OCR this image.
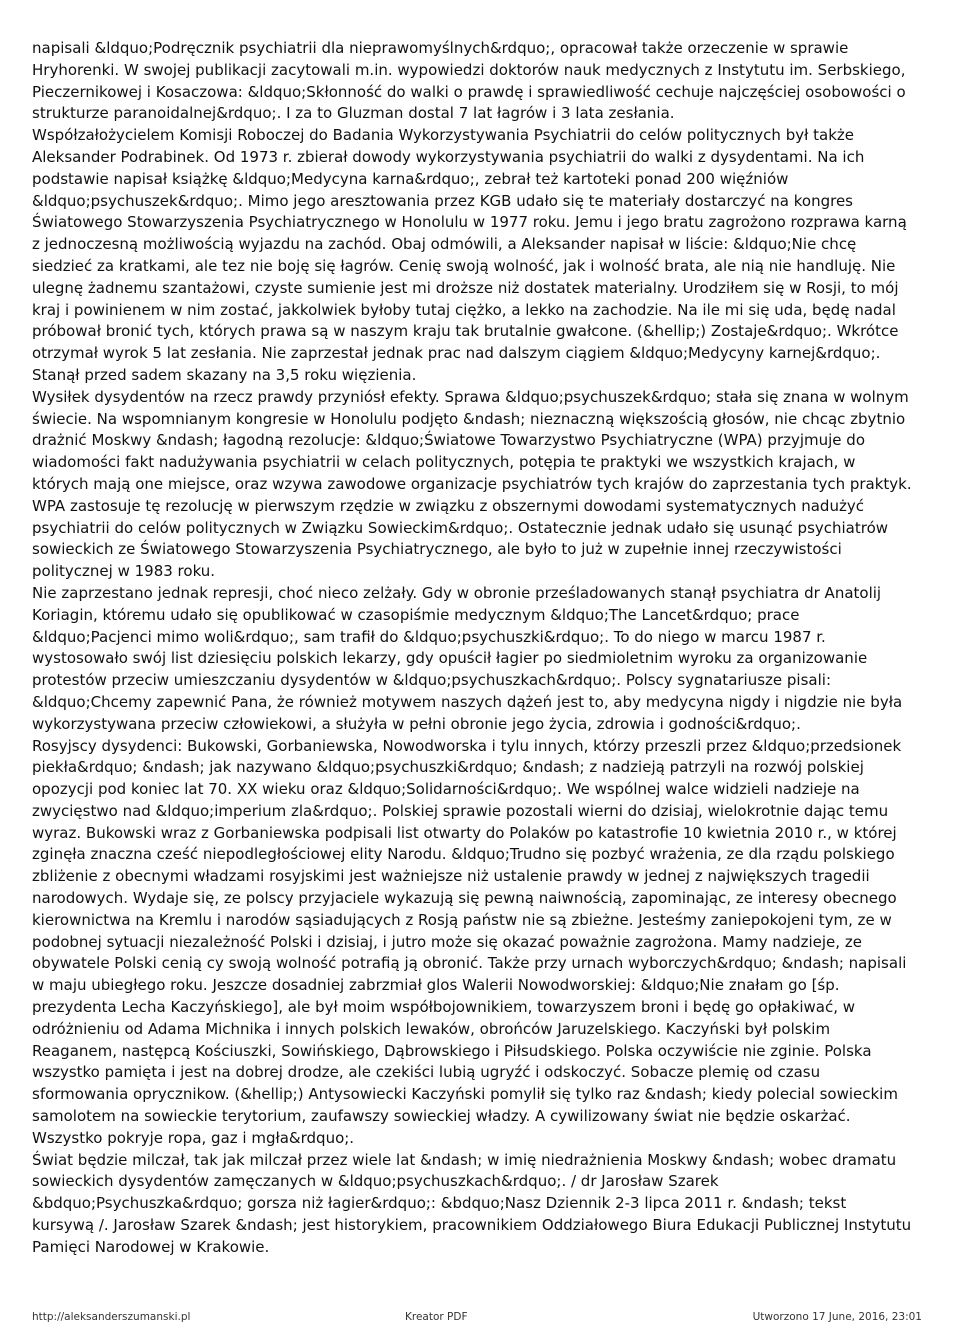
napisali &ldquo;Podręcznik psychiatrii dla nieprawomyślnych&rdquo;, opracował także orzeczenie w sprawie Hryhorenki. W swojej publikacji zacytowali m.in. wypowiedzi doktorów nauk medycznych z Instytutu im. Serbskiego, Pieczernikowej i Kosaczowa: &ldquo;Skłonność do walki o prawdę i sprawiedliwość cechuje najczęściej osobowości o strukturze paranoidalnej&rdquo;. I za to Gluzman dostal 7 lat łagrów i 3 lata zesłania.

Współzałożycielem Komisji Roboczej do Badania Wykorzystywania Psychiatrii do celów politycznych był także Aleksander Podrabinek. Od 1973 r. zbierał dowody wykorzystywania psychiatrii do walki z dysydentami. Na ich podstawie napisał książkę &ldquo;Medycyna karna&rdquo;, zebrał też kartoteki ponad 200 więźniów &ldquo;psychuszek&rdquo;. Mimo jego aresztowania przez KGB udało się te materiały dostarczyć na kongres Światowego Stowarzyszenia Psychiatrycznego w Honolulu w 1977 roku. Jemu i jego bratu zagrożono rozprawa karną z jednoczesną możliwością wyjazdu na zachód. Obaj odmówili, a Aleksander napisał w liście: &ldquo;Nie chcę siedzieć za kratkami, ale tez nie boję się łagrów. Cenię swoją wolność, jak i wolność brata, ale nią nie handluję. Nie ulegnę żadnemu szantażowi, czyste sumienie jest mi droższe niż dostatek materialny. Urodziłem się w Rosji, to mój kraj i powinienem w nim zostać, jakkolwiek byłoby tutaj ciężko, a lekko na zachodzie. Na ile mi się uda, będę nadal próbował bronić tych, których prawa są w naszym kraju tak brutalnie gwałcone. (&hellip;) Zostaje&rdquo;. Wkrótce otrzymał wyrok 5 lat zesłania. Nie zaprzestał jednak prac nad dalszym ciągiem &ldquo;Medycyny karnej&rdquo;. Stanął przed sadem skazany na 3,5 roku więzienia.

Wysiłek dysydentów na rzecz prawdy przyniósł efekty. Sprawa &ldquo;psychuszek&rdquo; stała się znana w wolnym świecie. Na wspomnianym kongresie w Honolulu podjęto &ndash; nieznaczną większością głosów, nie chcąc zbytnio drażnić Moskwy &ndash; łagodną rezolucje: &ldquo;Światowe Towarzystwo Psychiatryczne (WPA) przyjmuje do wiadomości fakt nadużywania psychiatrii w celach politycznych, potępia te praktyki we wszystkich krajach, w których mają one miejsce, oraz wzywa zawodowe organizacje psychiatrów tych krajów do zaprzestania tych praktyk. WPA zastosuje tę rezolucję w pierwszym rzędzie w związku z obszernymi dowodami systematycznych nadużyć psychiatrii do celów politycznych w Związku Sowieckim&rdquo;. Ostatecznie jednak udało się usunąć psychiatrów sowieckich ze Światowego Stowarzyszenia Psychiatrycznego, ale było to już w zupełnie innej rzeczywistości politycznej w 1983 roku.

Nie zaprzestano jednak represji, choć nieco zelżały. Gdy w obronie prześladowanych stanął psychiatra dr Anatolij Koriagin, któremu udało się opublikować w czasopiśmie medycznym &ldquo;The Lancet&rdquo; prace &ldquo;Pacjenci mimo woli&rdquo;, sam trafił do &ldquo;psychuszki&rdquo;. To do niego w marcu 1987 r. wystosowało swój list dziesięciu polskich lekarzy, gdy opuścił łagier po siedmioletnim wyroku za organizowanie protestów przeciw umieszczaniu dysydentów w &ldquo;psychuszkach&rdquo;. Polscy sygnatariusze pisali: &ldquo;Chcemy zapewnić Pana, że również motywem naszych dążeń jest to, aby medycyna nigdy i nigdzie nie była wykorzystywana przeciw człowiekowi, a służyła w pełni obronie jego życia, zdrowia i godności&rdquo;.

Rosyjscy dysydenci: Bukowski, Gorbaniewska, Nowodworska i tylu innych, którzy przeszli przez &ldquo;przedsionek piekła&rdquo; &ndash; jak nazywano &ldquo;psychuszki&rdquo; &ndash; z nadzieją patrzyli na rozwój polskiej opozycji pod koniec lat 70. XX wieku oraz &ldquo;Solidarności&rdquo;. We wspólnej walce widzieli nadzieje na zwycięstwo nad &ldquo;imperium zla&rdquo;. Polskiej sprawie pozostali wierni do dzisiaj, wielokrotnie dając temu wyraz. Bukowski wraz z Gorbaniewska podpisali list otwarty do Polaków po katastrofie 10 kwietnia 2010 r., w której zginęła znaczna cześć niepodległościowej elity Narodu. &ldquo;Trudno się pozbyć wrażenia, ze dla rządu polskiego zbliżenie z obecnymi władzami rosyjskimi jest ważniejsze niż ustalenie prawdy w jednej z największych tragedii narodowych. Wydaje się, ze polscy przyjaciele wykazują się pewną naiwnością, zapominając, ze interesy obecnego kierownictwa na Kremlu i narodów sąsiadujących z Rosją państw nie są zbieżne. Jesteśmy zaniepokojeni tym, ze w podobnej sytuacji niezależność Polski i dzisiaj, i jutro może się okazać poważnie zagrożona. Mamy nadzieje, ze obywatele Polski cenią cy swoją wolność potrafią ją obronić. Także przy urnach wyborczych&rdquo; &ndash; napisali w maju ubiegłego roku. Jeszcze dosadniej zabrzmiał glos Walerii Nowodworskiej: &ldquo;Nie znałam go [śp. prezydenta Lecha Kaczyńskiego], ale był moim współbojownikiem, towarzyszem broni i będę go opłakiwać, w odróżnieniu od Adama Michnika i innych polskich lewaków, obrońców Jaruzelskiego. Kaczyński był polskim Reaganem, następcą Kościuszki, Sowińskiego, Dąbrowskiego i Piłsudskiego. Polska oczywiście nie zginie. Polska wszystko pamięta i jest na dobrej drodze, ale czekiści lubią ugryźć i odskoczyć. Sobacze plemię od czasu sformowania oprycznikow. (&hellip;) Antysowiecki Kaczyński pomylił się tylko raz &ndash; kiedy polecial sowieckim samolotem na sowieckie terytorium, zaufawszy sowieckiej władzy. A cywilizowany świat nie będzie oskarżać. Wszystko pokryje ropa, gaz i mgła&rdquo;.

Świat będzie milczał, tak jak milczał przez wiele lat &ndash; w imię niedrażnienia Moskwy &ndash; wobec dramatu sowieckich dysydentów zamęczanych w &ldquo;psychuszkach&rdquo;. / dr Jarosław Szarek &bdquo;Psychuszka&rdquo; gorsza niż łagier&rdquo;: &bdquo;Nasz Dziennik 2-3 lipca 2011 r. &ndash; tekst kursywą /. Jarosław Szarek &ndash; jest historykiem, pracownikiem Oddziałowego Biura Edukacji Publicznej Instytutu Pamięci Narodowej w Krakowie.

http://aleksanderszumanski.pl	Kreator PDF	Utworzono 17 June, 2016, 23:01
